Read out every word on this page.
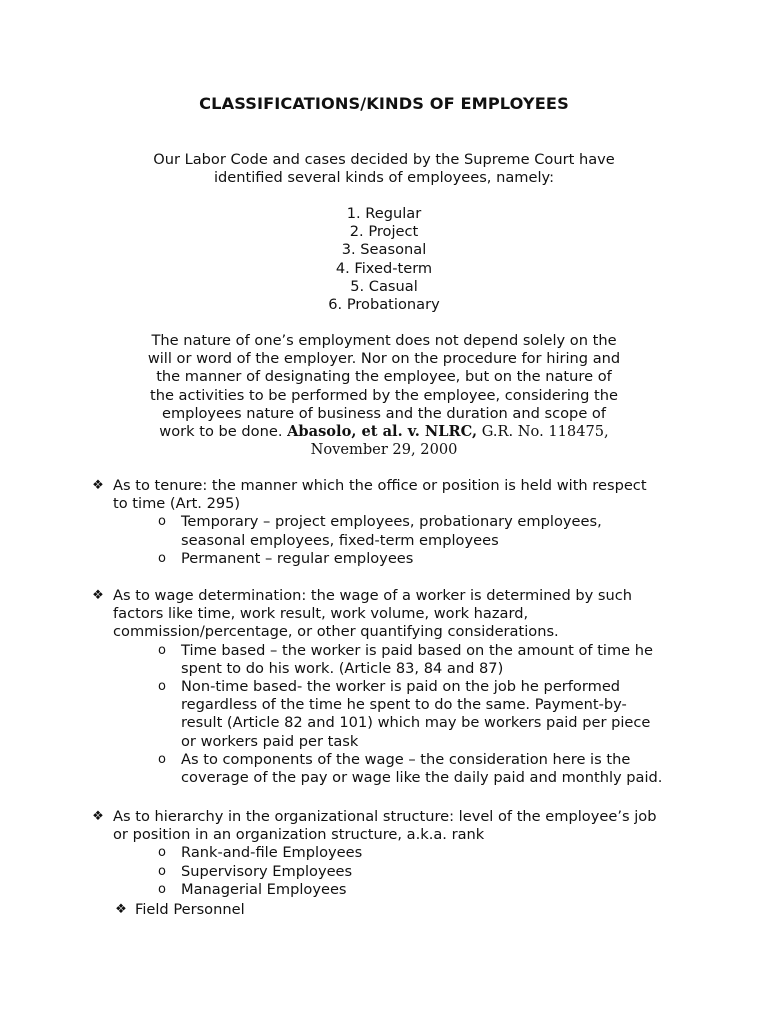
CLASSIFICATIONS/KINDS OF EMPLOYEES

Our Labor Code and cases decided by the Supreme Court have

identified several kinds of employees, namely:

1. Regular
2. Project
3. Seasonal
4. Fixed-term
5. Casual
6. Probationary

The nature of one’s employment does not depend solely on the

will or word of the employer. Nor on the procedure for hiring and

the manner of designating the employee, but on the nature of

the activities to be performed by the employee, considering the

employees nature of business and the duration and scope of

work to be done. Abasolo, et al. v. NLRC, G.R. No. 118475,

November 29, 2000

❖ As to tenure: the manner which the office or position is held with respect
to time (Art. 295)
o Temporary – project employees, probationary employees,
seasonal employees, fixed-term employees
o Permanent – regular employees
❖ As to wage determination: the wage of a worker is determined by such
factors like time, work result, work volume, work hazard,
commission/percentage, or other quantifying considerations.
o Time based – the worker is paid based on the amount of time he
spent to do his work. (Article 83, 84 and 87)
o Non-time based- the worker is paid on the job he performed
regardless of the time he spent to do the same. Payment-by-
result (Article 82 and 101) which may be workers paid per piece
or workers paid per task
o As to components of the wage – the consideration here is the
coverage of the pay or wage like the daily paid and monthly paid.
❖ As to hierarchy in the organizational structure: level of the employee’s job
or position in an organization structure, a.k.a. rank
o Rank-and-file Employees
o Supervisory Employees
o Managerial Employees
❖ Field Personnel
